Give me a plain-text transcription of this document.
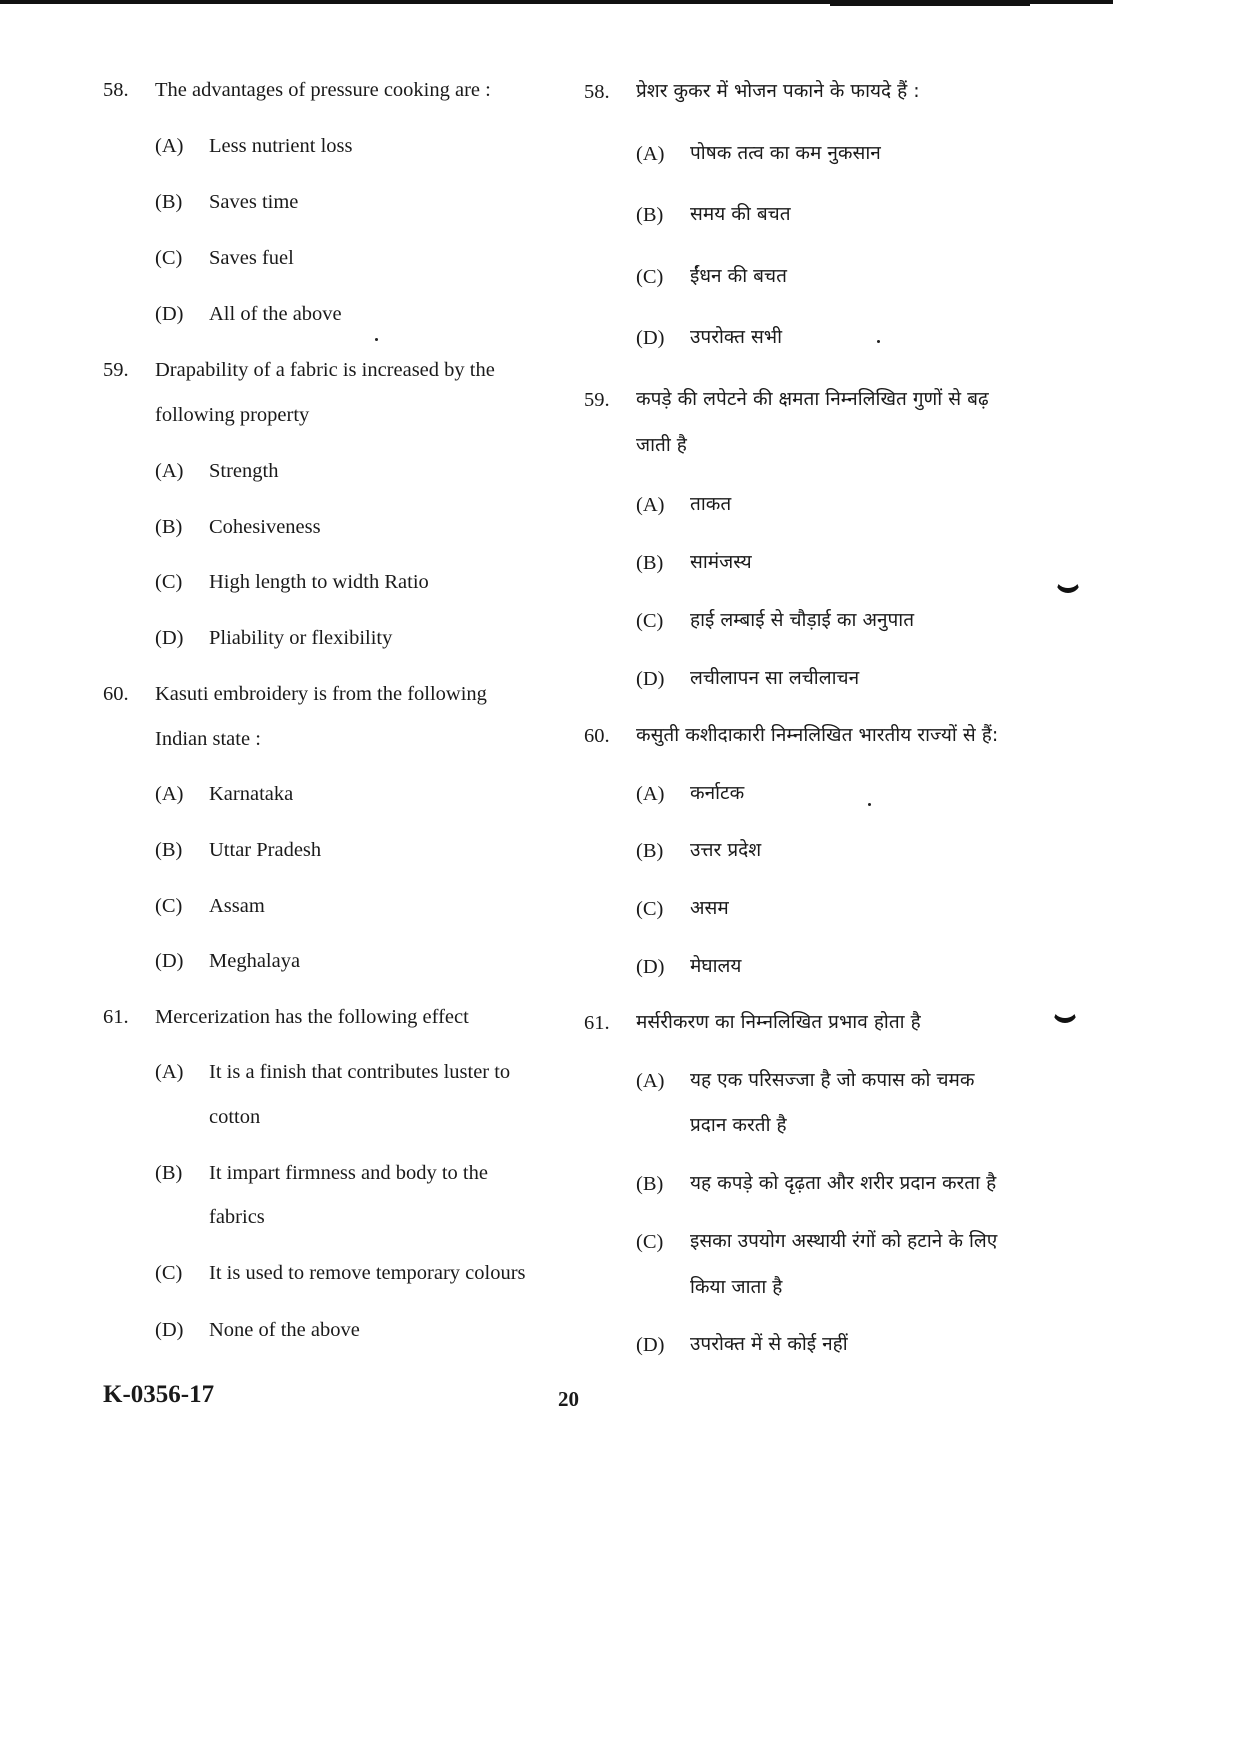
58. The advantages of pressure cooking are :
(A) Less nutrient loss
(B) Saves time
(C) Saves fuel
(D) All of the above
59. Drapability of a fabric is increased by the
following property
(A) Strength
(B) Cohesiveness
(C) High length to width Ratio
(D) Pliability or flexibility
60. Kasuti embroidery is from the following
Indian state :
(A) Karnataka
(B) Uttar Pradesh
(C) Assam
(D) Meghalaya
61. Mercerization has the following effect
(A) It is a finish that contributes luster to
cotton
(B) It impart firmness and body to the
fabrics
(C) It is used to remove temporary colours
(D) None of the above
58. प्रेशर कुकर में भोजन पकाने के फायदे हैं :
(A) पोषक तत्व का कम नुकसान
(B) समय की बचत
(C) ईंधन की बचत
(D) उपरोक्त सभी
59. कपड़े की लपेटने की क्षमता निम्नलिखित गुणों से बढ़
जाती है
(A) ताकत
(B) सामंजस्य
(C) हाई लम्बाई से चौड़ाई का अनुपात
(D) लचीलापन सा लचीलाचन
60. कसुती कशीदाकारी निम्नलिखित भारतीय राज्यों से हैं:
(A) कर्नाटक
(B) उत्तर प्रदेश
(C) असम
(D) मेघालय
61. मर्सरीकरण का निम्नलिखित प्रभाव होता है
(A) यह एक परिसज्जा है जो कपास को चमक
प्रदान करती है
(B) यह कपड़े को दृढ़ता और शरीर प्रदान करता है
(C) इसका उपयोग अस्थायी रंगों को हटाने के लिए
किया जाता है
(D) उपरोक्त में से कोई नहीं
K-0356-17	20
